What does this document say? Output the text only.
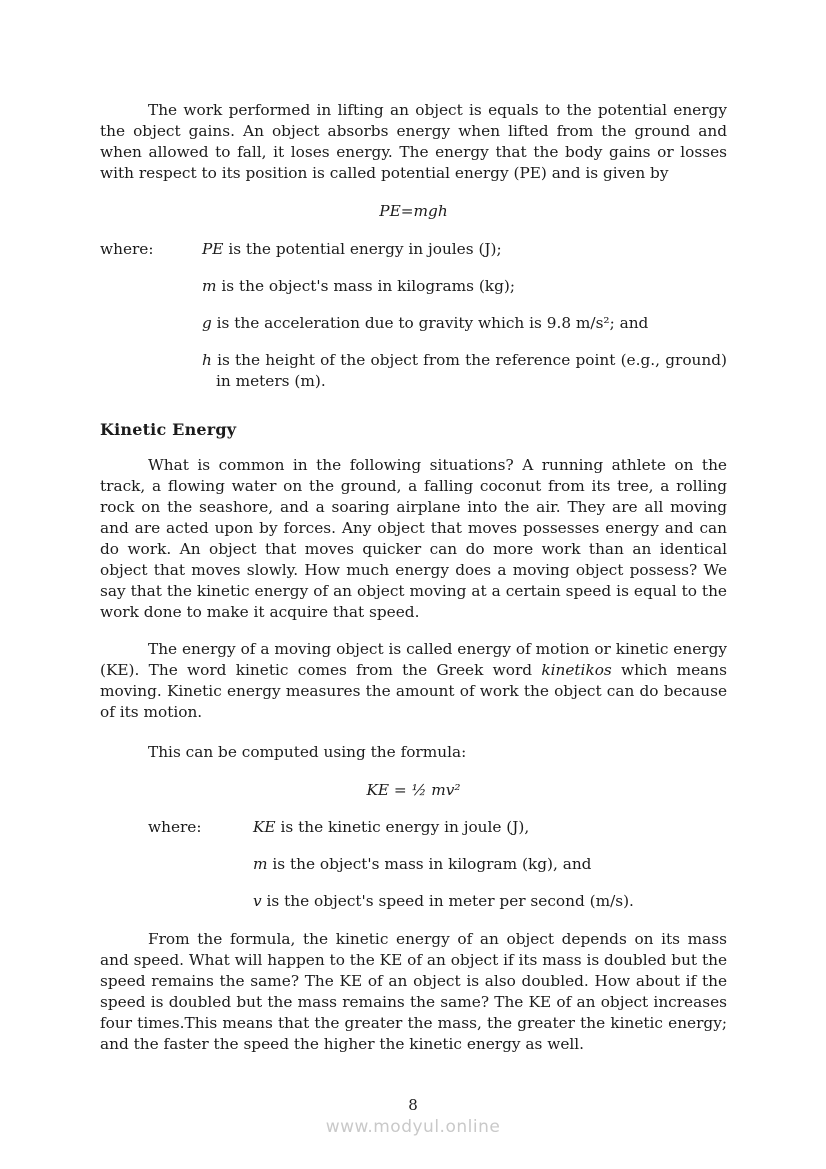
The work performed in lifting an object is equals to the potential energy the object gains. An object absorbs energy when lifted from the ground and when allowed to fall, it loses energy. The energy that the body gains or losses with respect to its position is called potential energy (PE) and is given by

PE=mgh

where:	PE is the potential energy in joules (J);
m is the object's mass in kilograms (kg);
g is the acceleration due to gravity which is 9.8 m/s²; and
h is the height of the object from the reference point (e.g., ground) in meters (m).
Kinetic Energy

What is common in the following situations? A running athlete on the track, a flowing water on the ground, a falling coconut from its tree, a rolling rock on the seashore, and a soaring airplane into the air. They are all moving and are acted upon by forces. Any object that moves possesses energy and can do work. An object that moves quicker can do more work than an identical object that moves slowly. How much energy does a moving object possess? We say that the kinetic energy of an object moving at a certain speed is equal to the work done to make it acquire that speed.

The energy of a moving object is called energy of motion or kinetic energy (KE). The word kinetic comes from the Greek word kinetikos which means moving. Kinetic energy measures the amount of work the object can do because of its motion.

This can be computed using the formula:

KE = ½ mv²

where:	KE is the kinetic energy in joule (J),
m is the object's mass in kilogram (kg), and
v is the object's speed in meter per second (m/s).

From the formula, the kinetic energy of an object depends on its mass and speed. What will happen to the KE of an object if its mass is doubled but the speed remains the same? The KE of an object is also doubled. How about if the speed is doubled but the mass remains the same? The KE of an object increases four times.This means that the greater the mass, the greater the kinetic energy; and the faster the speed the higher the kinetic energy as well.

8
www.modyul.online
